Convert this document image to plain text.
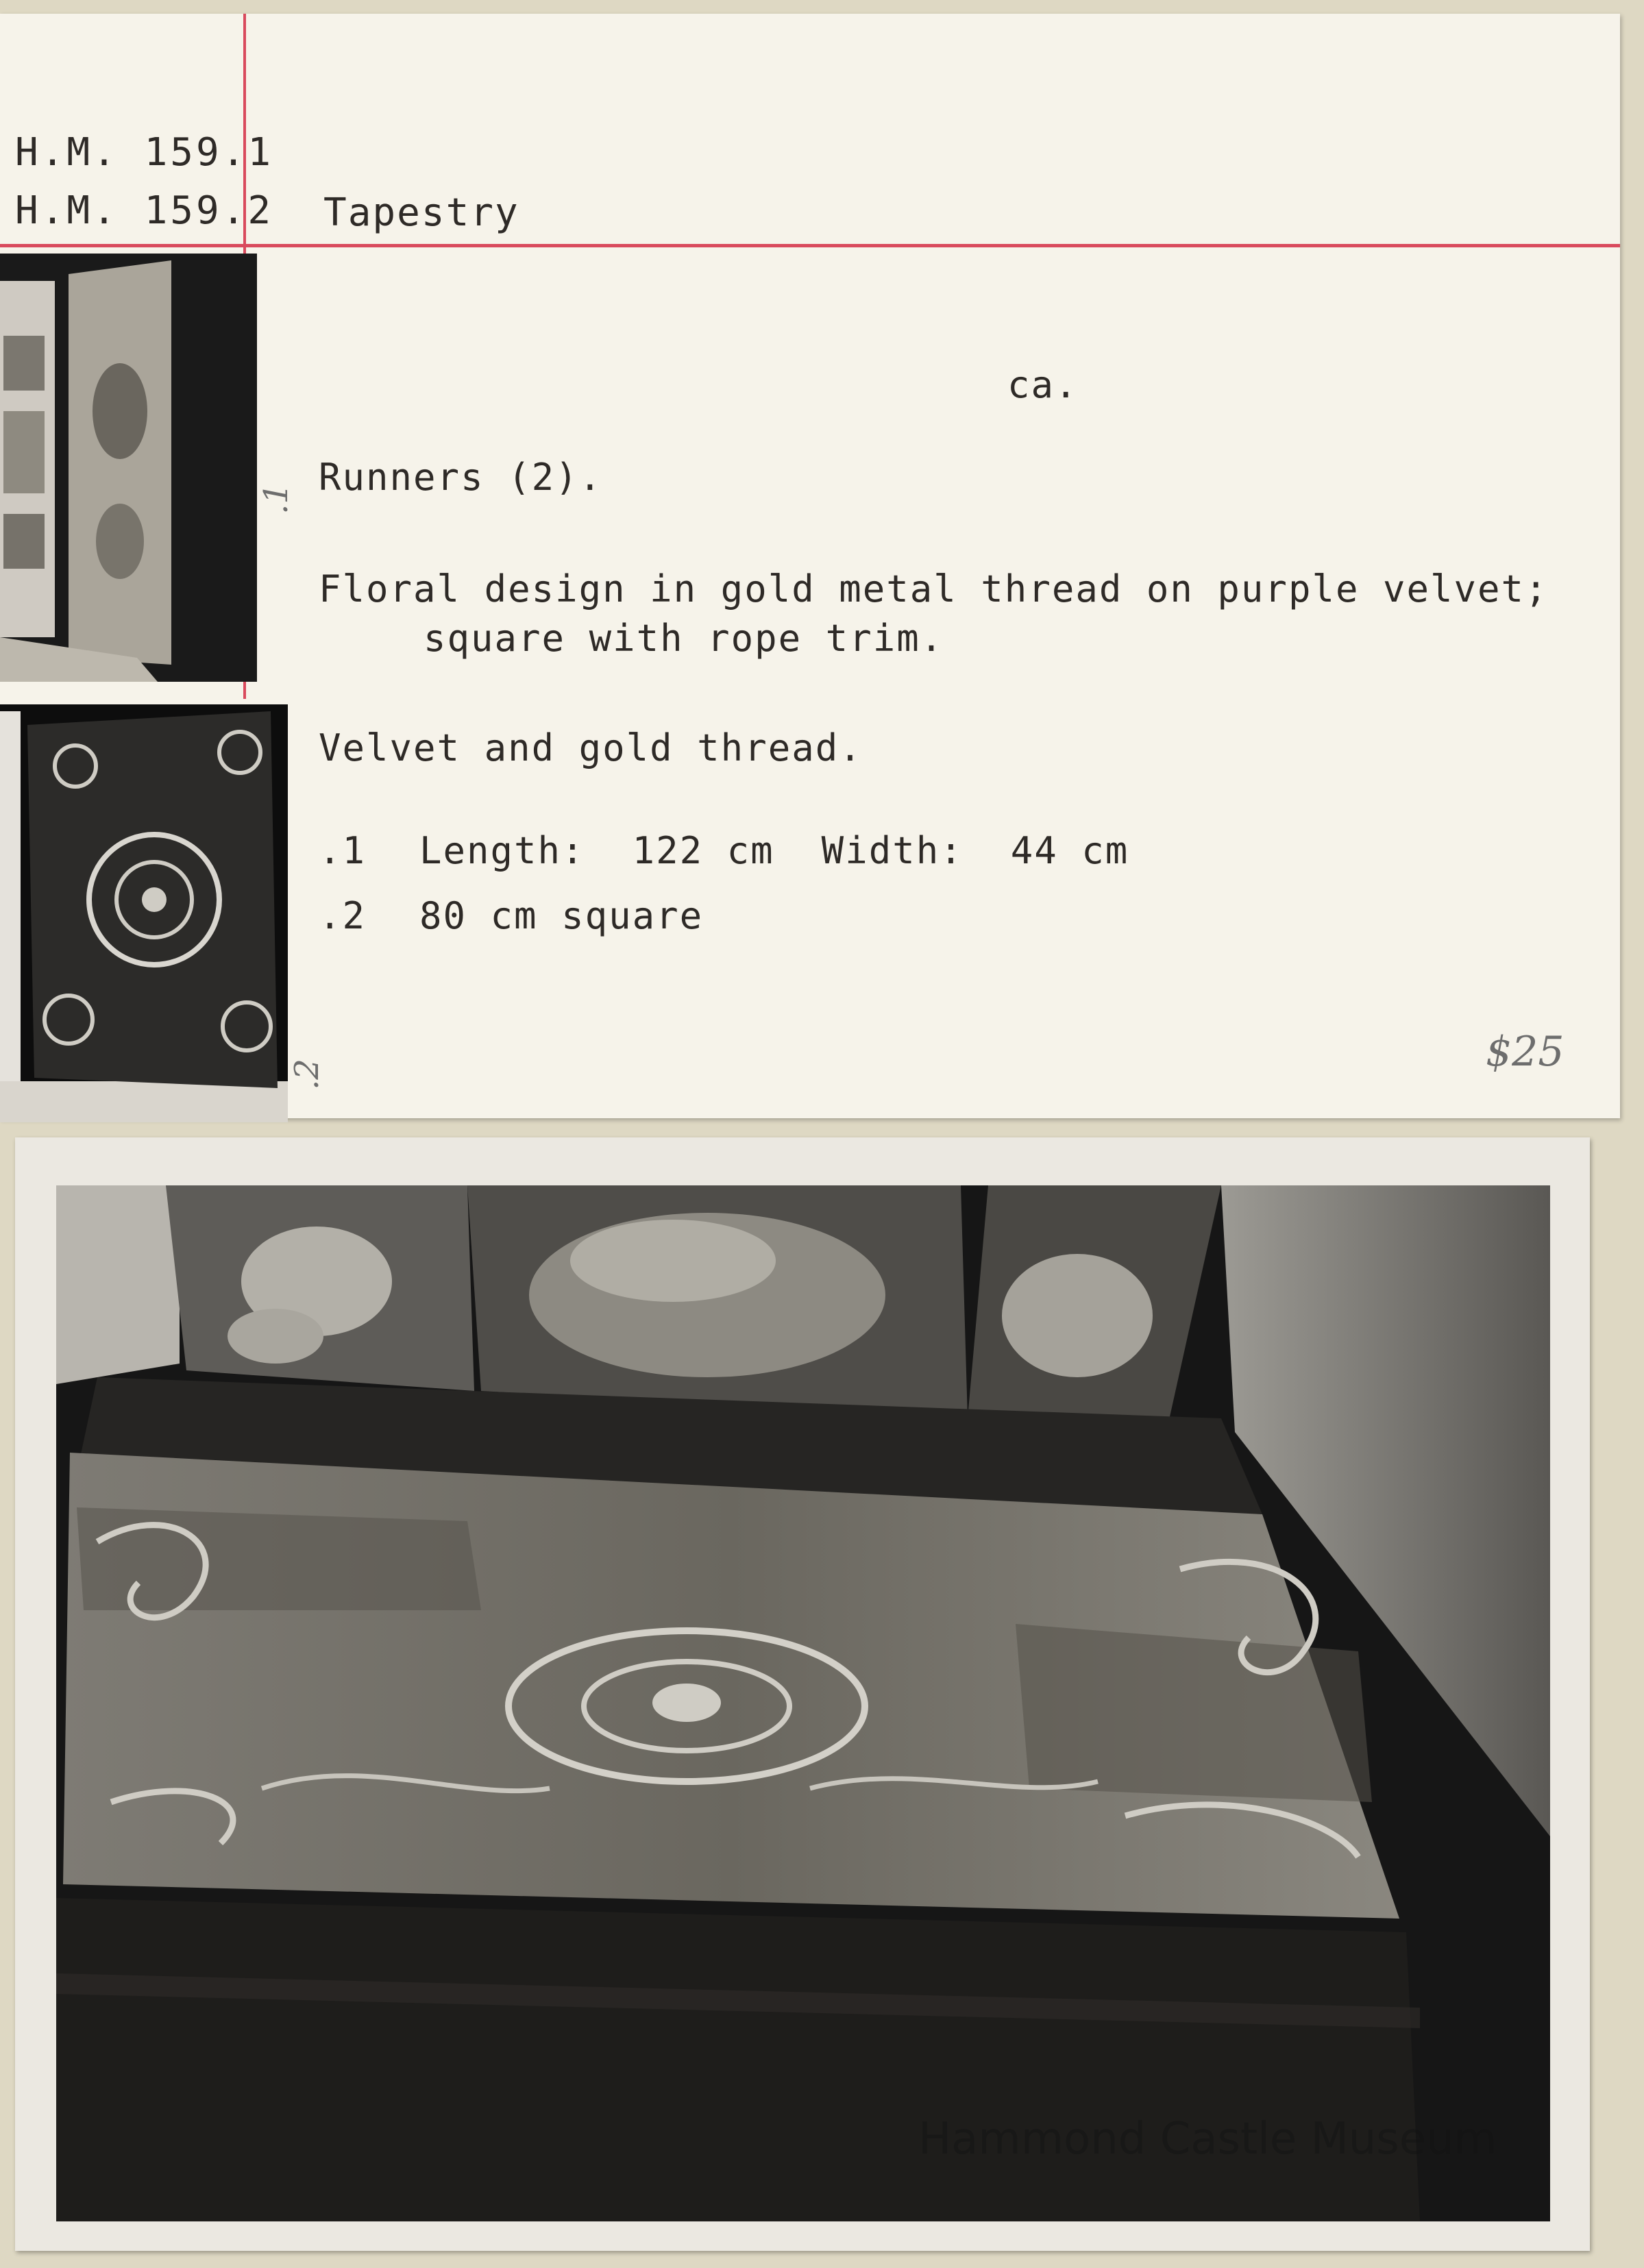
H.M. 159.1
H.M. 159.2 Tapestry
ca.
Runners (2).
Floral design in gold metal thread on purple velvet;
square with rope trim.
Velvet and gold thread.
.1 Length:  122 cm  Width:  44 cm
.2 80 cm square
.1
.2	$25
Hammond Castle Museum
